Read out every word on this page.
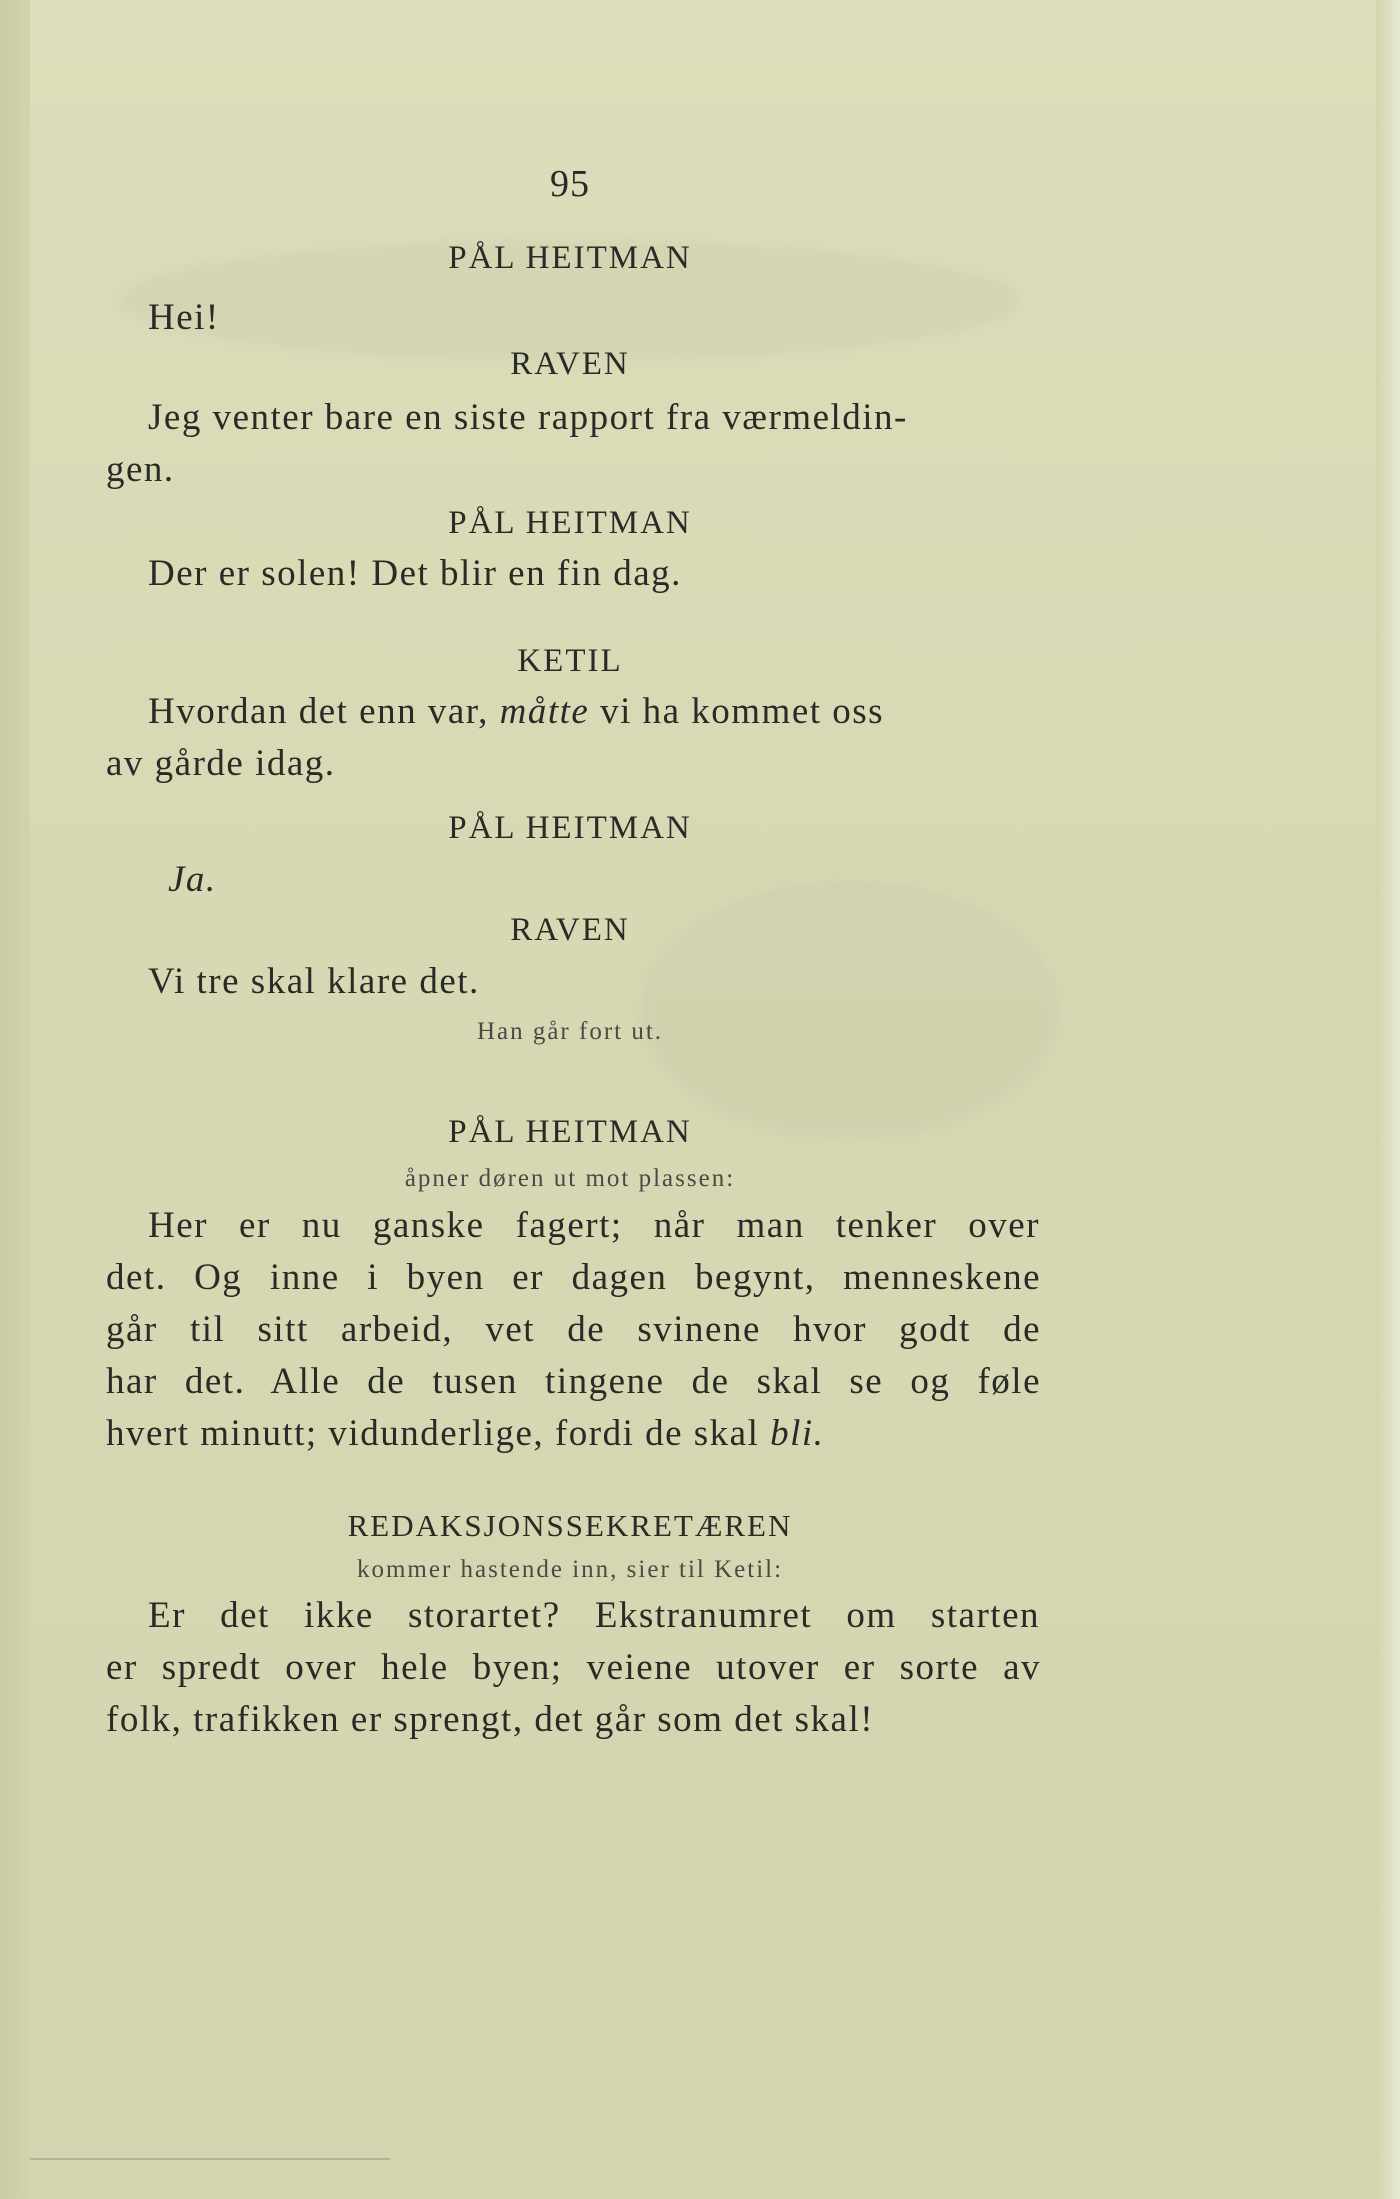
95
PÅL HEITMAN
Hei!
RAVEN
Jeg venter bare en siste rapport fra værmeldin-
gen.
PÅL HEITMAN
Der er solen! Det blir en fin dag.
KETIL
Hvordan det enn var, måtte vi ha kommet oss
av gårde idag.
PÅL HEITMAN
Ja.
RAVEN
Vi tre skal klare det.
Han går fort ut.
PÅL HEITMAN
åpner døren ut mot plassen:
Her er nu ganske fagert; når man tenker over
det. Og inne i byen er dagen begynt, menneskene
går til sitt arbeid, vet de svinene hvor godt de
har det. Alle de tusen tingene de skal se og føle
hvert minutt; vidunderlige, fordi de skal bli.
REDAKSJONSSEKRETÆREN
kommer hastende inn, sier til Ketil:
Er det ikke storartet? Ekstranumret om starten
er spredt over hele byen; veiene utover er sorte av
folk, trafikken er sprengt, det går som det skal!
